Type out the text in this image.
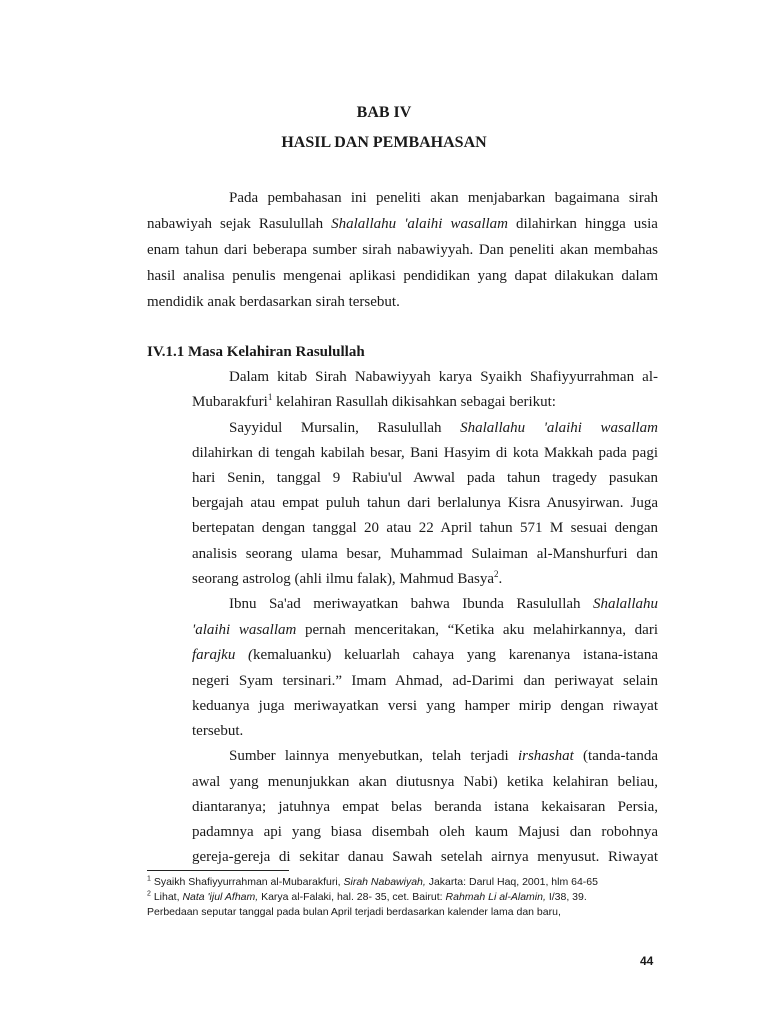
BAB IV
HASIL DAN PEMBAHASAN
Pada pembahasan ini peneliti akan menjabarkan bagaimana sirah
nabawiyah sejak Rasulullah Shalallahu 'alaihi wasallam dilahirkan hingga usia
enam tahun dari beberapa sumber sirah nabawiyyah. Dan peneliti akan membahas
hasil analisa penulis mengenai aplikasi pendidikan yang dapat dilakukan dalam
mendidik anak berdasarkan sirah tersebut.
IV.1.1 Masa Kelahiran Rasulullah
Dalam kitab Sirah Nabawiyyah karya Syaikh Shafiyyurrahman al-
Mubarakfuri$^1$ kelahiran Rasullah dikisahkan sebagai berikut:
Sayyidul Mursalin, Rasulullah Shalallahu 'alaihi wasallam
dilahirkan di tengah kabilah besar, Bani Hasyim di kota Makkah pada pagi
hari Senin, tanggal 9 Rabiu'ul Awwal pada tahun tragedy pasukan
bergajah atau empat puluh tahun dari berlalunya Kisra Anusyirwan. Juga
bertepatan dengan tanggal 20 atau 22 April tahun 571 M sesuai dengan
analisis seorang ulama besar, Muhammad Sulaiman al-Manshurfuri dan
seorang astrolog (ahli ilmu falak), Mahmud Basya$^2$.
Ibnu Sa'ad meriwayatkan bahwa Ibunda Rasulullah Shalallahu
'alaihi wasallam pernah menceritakan, “Ketika aku melahirkannya, dari
farajku (kemaluanku) keluarlah cahaya yang karenanya istana-istana
negeri Syam tersinari.” Imam Ahmad, ad-Darimi dan periwayat selain
keduanya juga meriwayatkan versi yang hamper mirip dengan riwayat
tersebut.
Sumber lainnya menyebutkan, telah terjadi irshashat (tanda-tanda
awal yang menunjukkan akan diutusnya Nabi) ketika kelahiran beliau,
diantaranya; jatuhnya empat belas beranda istana kekaisaran Persia,
padamnya api yang biasa disembah oleh kaum Majusi dan robohnya
gereja-gereja di sekitar danau Sawah setelah airnya menyusut. Riwayat
$^1$ Syaikh Shafiyyurrahman al-Mubarakfuri, Sirah Nabawiyah, Jakarta: Darul Haq, 2001, hlm 64-65
$^2$ Lihat, Nata 'ijul Afham, Karya al-Falaki, hal. 28- 35, cet. Bairut: Rahmah Li al-Alamin, I/38, 39.
Perbedaan seputar tanggal pada bulan April terjadi berdasarkan kalender lama dan baru,
44
